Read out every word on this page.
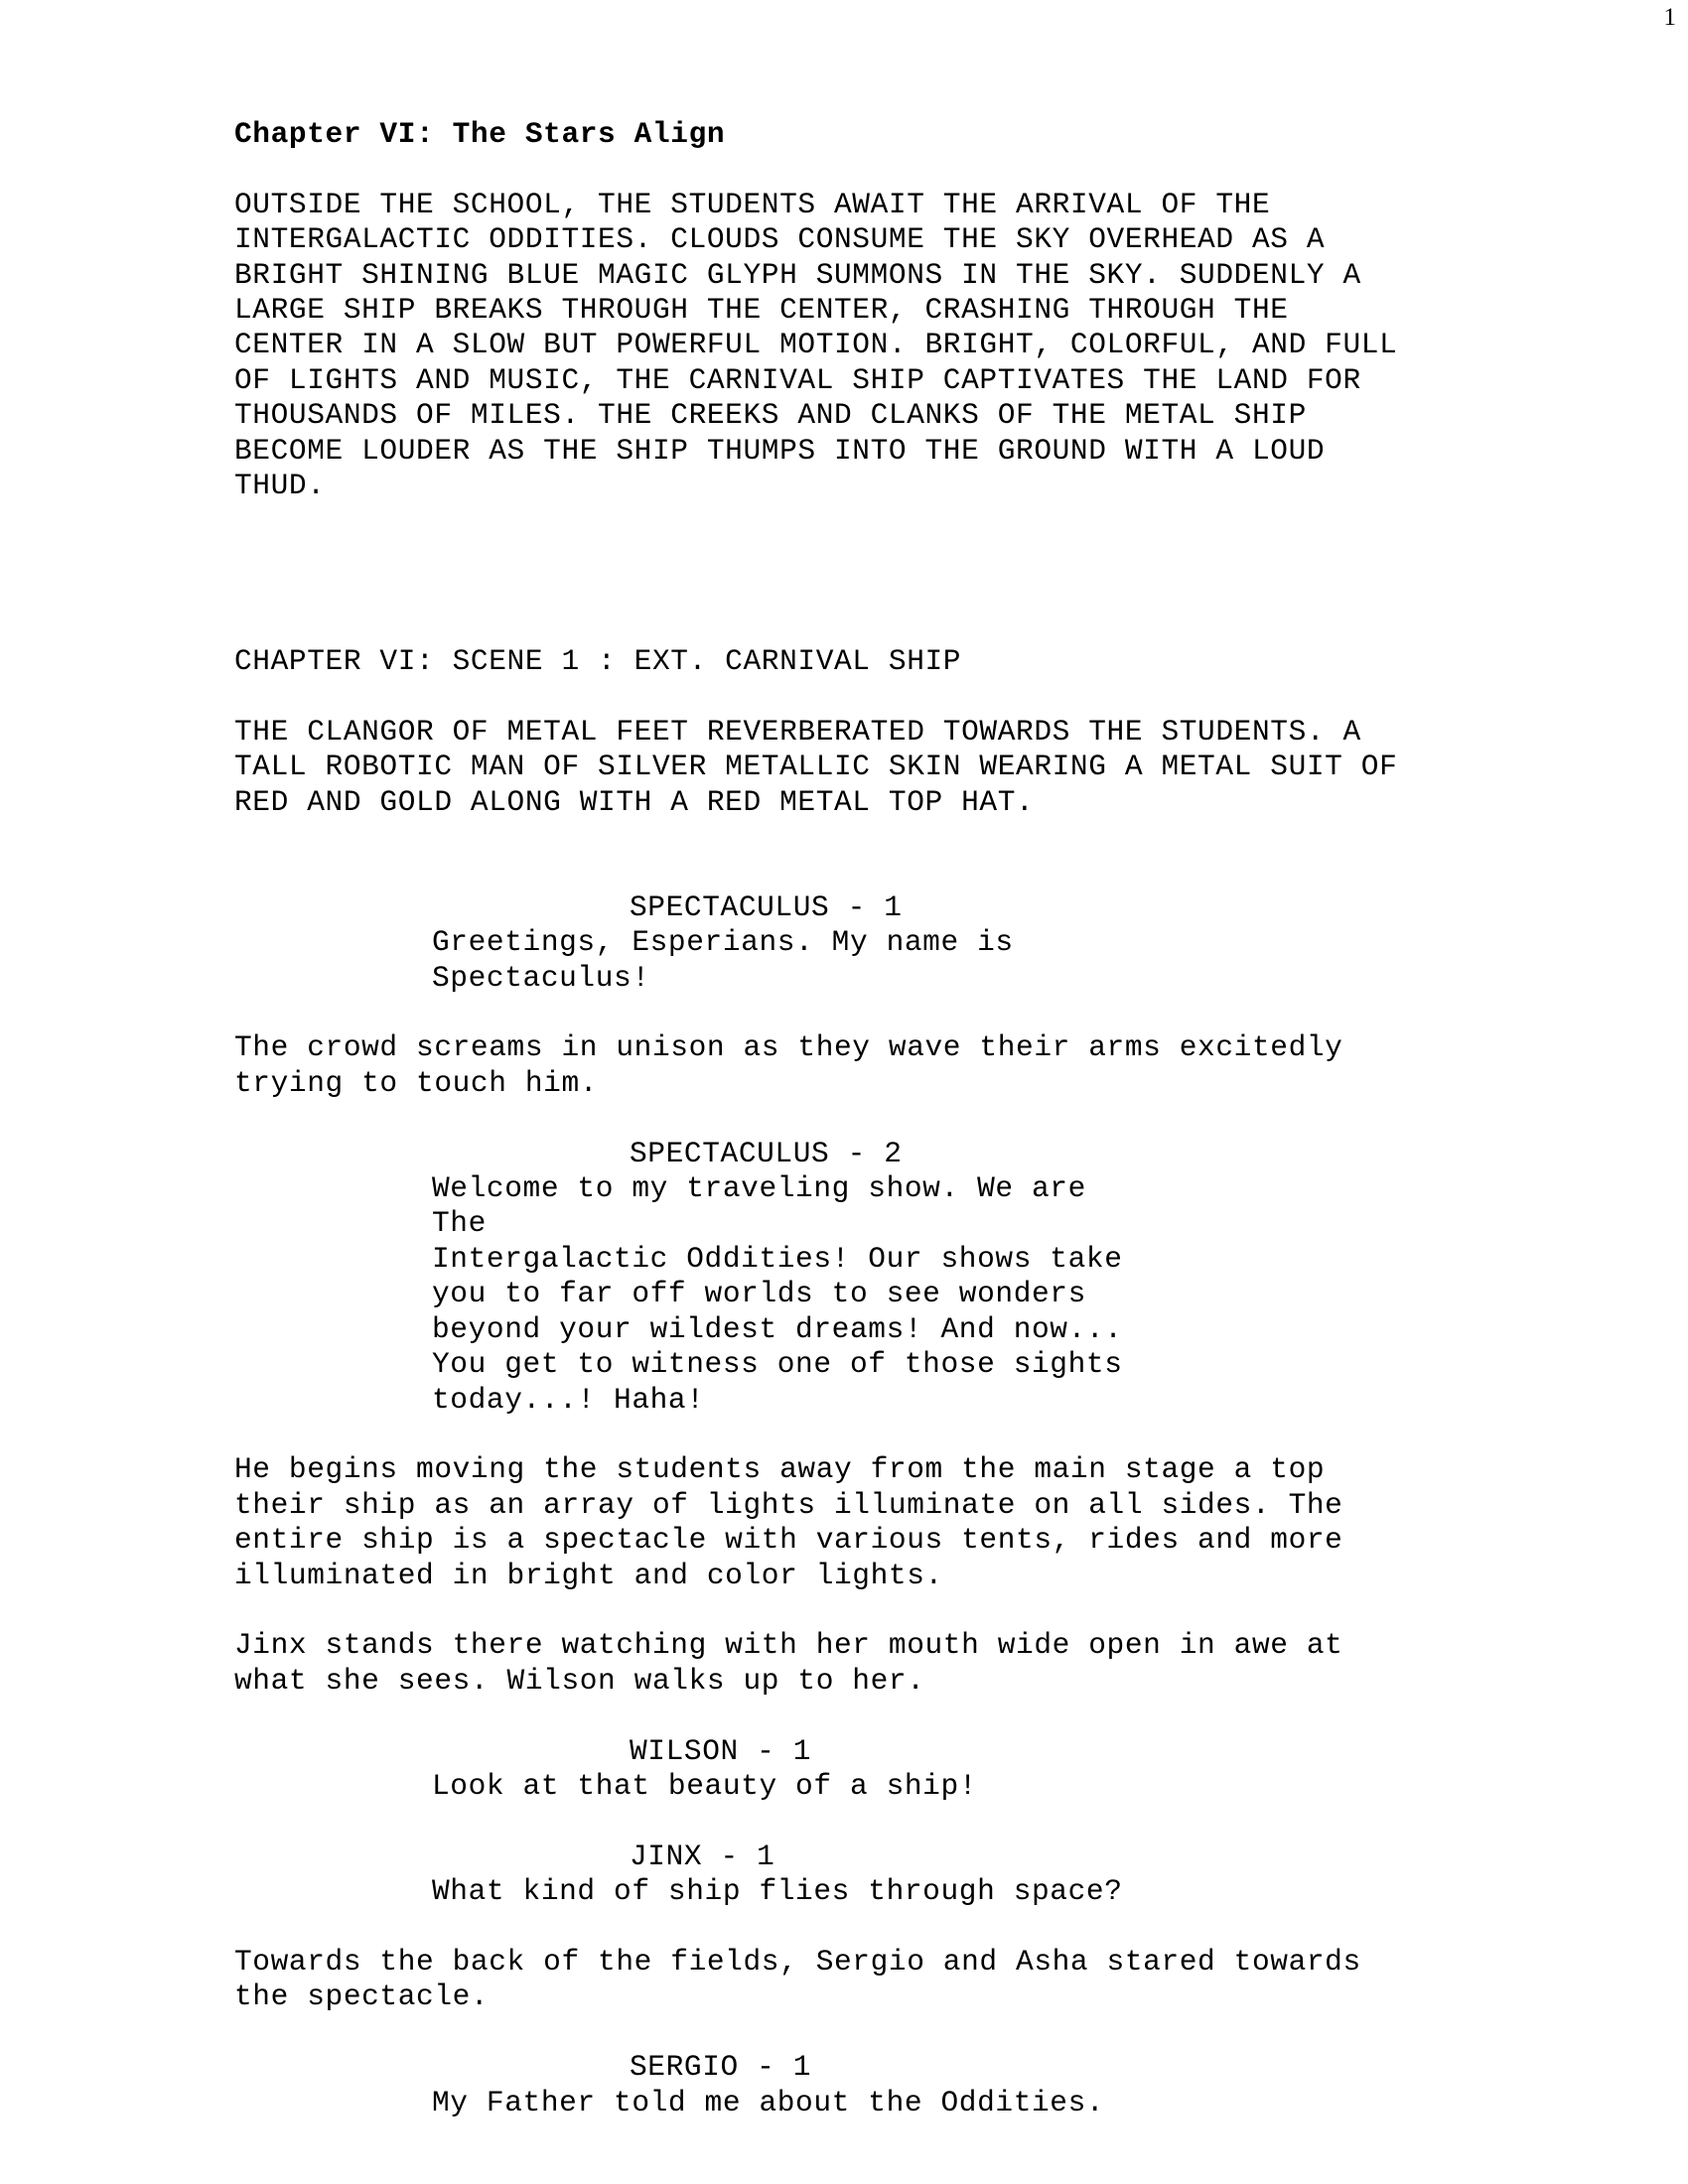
1

Chapter VI: The Stars Align

OUTSIDE THE SCHOOL, THE STUDENTS AWAIT THE ARRIVAL OF THE
INTERGALACTIC ODDITIES. CLOUDS CONSUME THE SKY OVERHEAD AS A
BRIGHT SHINING BLUE MAGIC GLYPH SUMMONS IN THE SKY. SUDDENLY A
LARGE SHIP BREAKS THROUGH THE CENTER, CRASHING THROUGH THE
CENTER IN A SLOW BUT POWERFUL MOTION. BRIGHT, COLORFUL, AND FULL
OF LIGHTS AND MUSIC, THE CARNIVAL SHIP CAPTIVATES THE LAND FOR
THOUSANDS OF MILES. THE CREEKS AND CLANKS OF THE METAL SHIP
BECOME LOUDER AS THE SHIP THUMPS INTO THE GROUND WITH A LOUD
THUD.

CHAPTER VI: SCENE 1 : EXT. CARNIVAL SHIP

THE CLANGOR OF METAL FEET REVERBERATED TOWARDS THE STUDENTS. A
TALL ROBOTIC MAN OF SILVER METALLIC SKIN WEARING A METAL SUIT OF
RED AND GOLD ALONG WITH A RED METAL TOP HAT.

SPECTACULUS - 1

Greetings, Esperians. My name is
Spectaculus!

The crowd screams in unison as they wave their arms excitedly
trying to touch him.

SPECTACULUS - 2

Welcome to my traveling show. We are The
Intergalactic Oddities! Our shows take
you to far off worlds to see wonders
beyond your wildest dreams! And now...
You get to witness one of those sights
today...! Haha!

He begins moving the students away from the main stage a top
their ship as an array of lights illuminate on all sides. The
entire ship is a spectacle with various tents, rides and more
illuminated in bright and color lights.

Jinx stands there watching with her mouth wide open in awe at
what she sees. Wilson walks up to her.

WILSON - 1

Look at that beauty of a ship!

JINX - 1

What kind of ship flies through space?

Towards the back of the fields, Sergio and Asha stared towards
the spectacle.

SERGIO - 1

My Father told me about the Oddities.
